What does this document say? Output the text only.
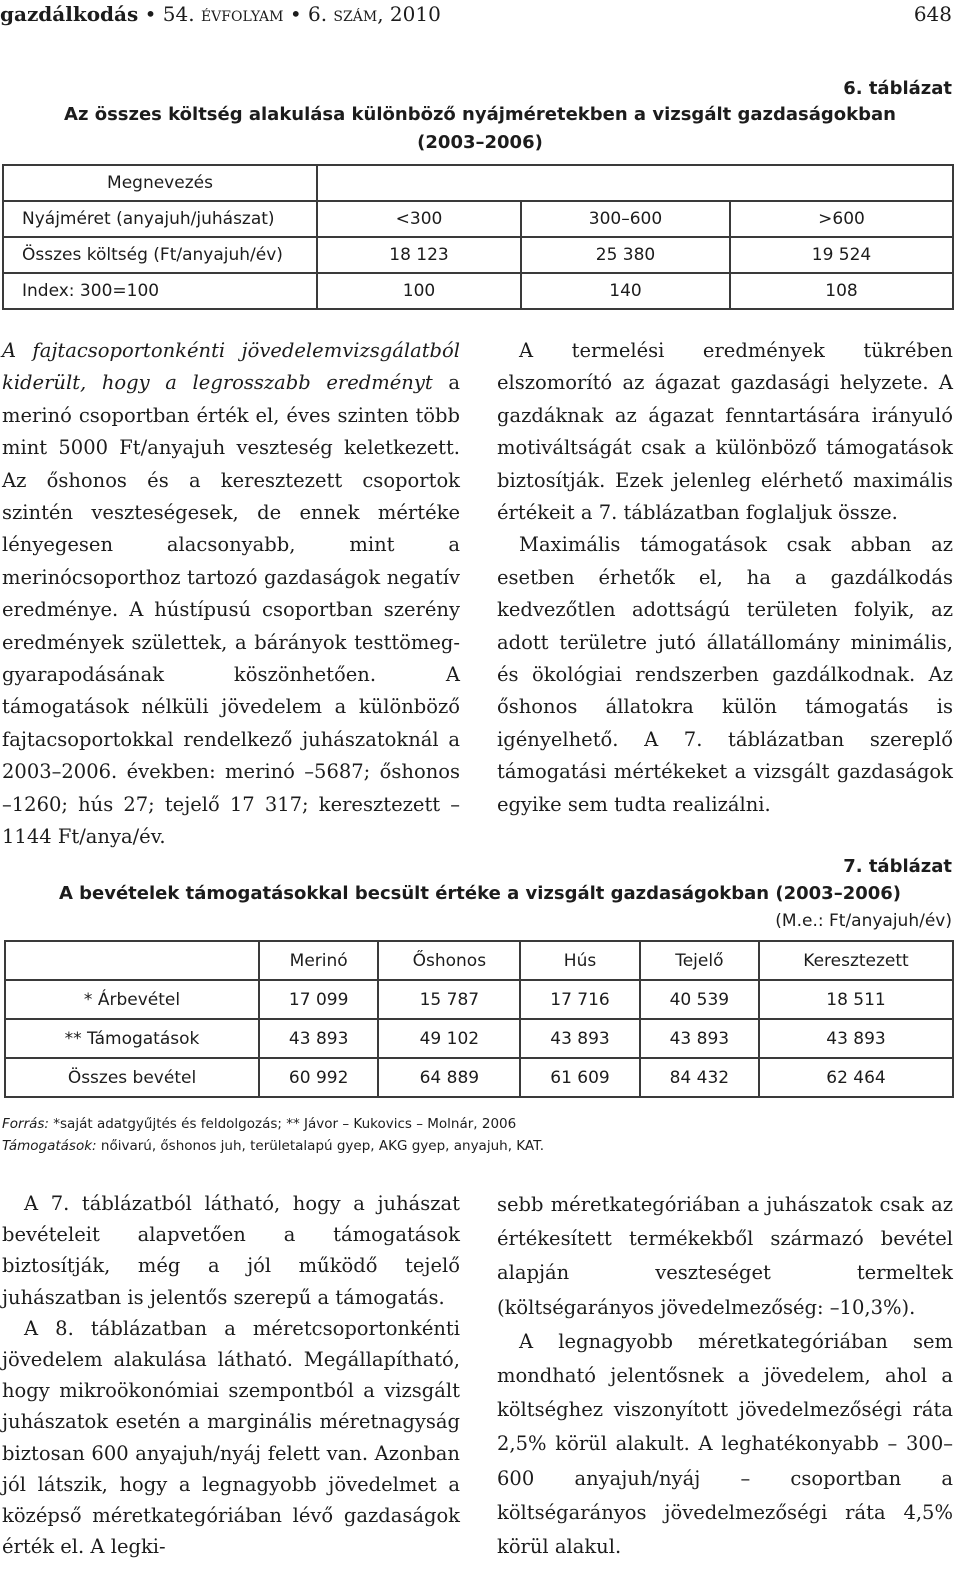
gazdálkodás • 54. évfolyam • 6. szám, 2010	648
6. táblázat
Az összes költség alakulása különböző nyájméretekben a vizsgált gazdaságokban
(2003–2006)
Megnevezés			
Nyájméret (anyajuh/juhászat)	<300	300–600	>600
Összes költség (Ft/anyajuh/év)	18 123	25 380	19 524
Index: 300=100	100	140	108

A fajtacsoportonkénti jövedelemvizsgálatból kiderült, hogy a legrosszabb eredményt a merinó csoportban érték el, éves szinten több mint 5000 Ft/anyajuh veszteség keletkezett. Az őshonos és a keresztezett csoportok szintén veszteségesek, de ennek mértéke lényegesen alacsonyabb, mint a merinócsoporthoz tartozó gazdaságok negatív eredménye. A hústípusú csoportban szerény eredmények születtek, a bárányok testtömeg-gyarapodásának köszönhetően. A támogatások nélküli jövedelem a különböző fajtacsoportokkal rendelkező juhászatoknál a 2003–2006. években: merinó –5687; őshonos –1260; hús 27; tejelő 17 317; keresztezett –1144 Ft/anya/év.

A termelési eredmények tükrében elszomorító az ágazat gazdasági helyzete. A gazdáknak az ágazat fenntartására irányuló motiváltságát csak a különböző támogatások biztosítják. Ezek jelenleg elérhető maximális értékeit a 7. táblázatban foglaljuk össze.

Maximális támogatások csak abban az esetben érhetők el, ha a gazdálkodás kedvezőtlen adottságú területen folyik, az adott területre jutó állatállomány minimális, és ökológiai rendszerben gazdálkodnak. Az őshonos állatokra külön támogatás is igényelhető. A 7. táblázatban szereplő támogatási mértékeket a vizsgált gazdaságok egyike sem tudta realizálni.

7. táblázat
A bevételek támogatásokkal becsült értéke a vizsgált gazdaságokban (2003–2006)
(M.e.: Ft/anyajuh/év)
	Merinó	Őshonos	Hús	Tejelő	Keresztezett
* Árbevétel	17 099	15 787	17 716	40 539	18 511
** Támogatások	43 893	49 102	43 893	43 893	43 893
Összes bevétel	60 992	64 889	61 609	84 432	62 464
Forrás: *saját adatgyűjtés és feldolgozás; ** Jávor – Kukovics – Molnár, 2006
Támogatások: nőivarú, őshonos juh, területalapú gyep, AKG gyep, anyajuh, KAT.

A 7. táblázatból látható, hogy a juhászat bevételeit alapvetően a támogatások biztosítják, még a jól működő tejelő juhászatban is jelentős szerepű a támogatás.

A 8. táblázatban a méretcsoportonkénti jövedelem alakulása látható. Megállapítható, hogy mikroökonómiai szempontból a vizsgált juhászatok esetén a marginális méretnagyság biztosan 600 anyajuh/nyáj felett van. Azonban jól látszik, hogy a legnagyobb jövedelmet a középső méretkategóriában lévő gazdaságok érték el. A legki-

sebb méretkategóriában a juhászatok csak az értékesített termékekből származó bevétel alapján veszteséget termeltek (költségarányos jövedelmezőség: –10,3%).

A legnagyobb méretkategóriában sem mondható jelentősnek a jövedelem, ahol a költséghez viszonyított jövedelmezőségi ráta 2,5% körül alakult. A leghatékonyabb – 300–600 anyajuh/nyáj – csoportban a költségarányos jövedelmezőségi ráta 4,5% körül alakul.
